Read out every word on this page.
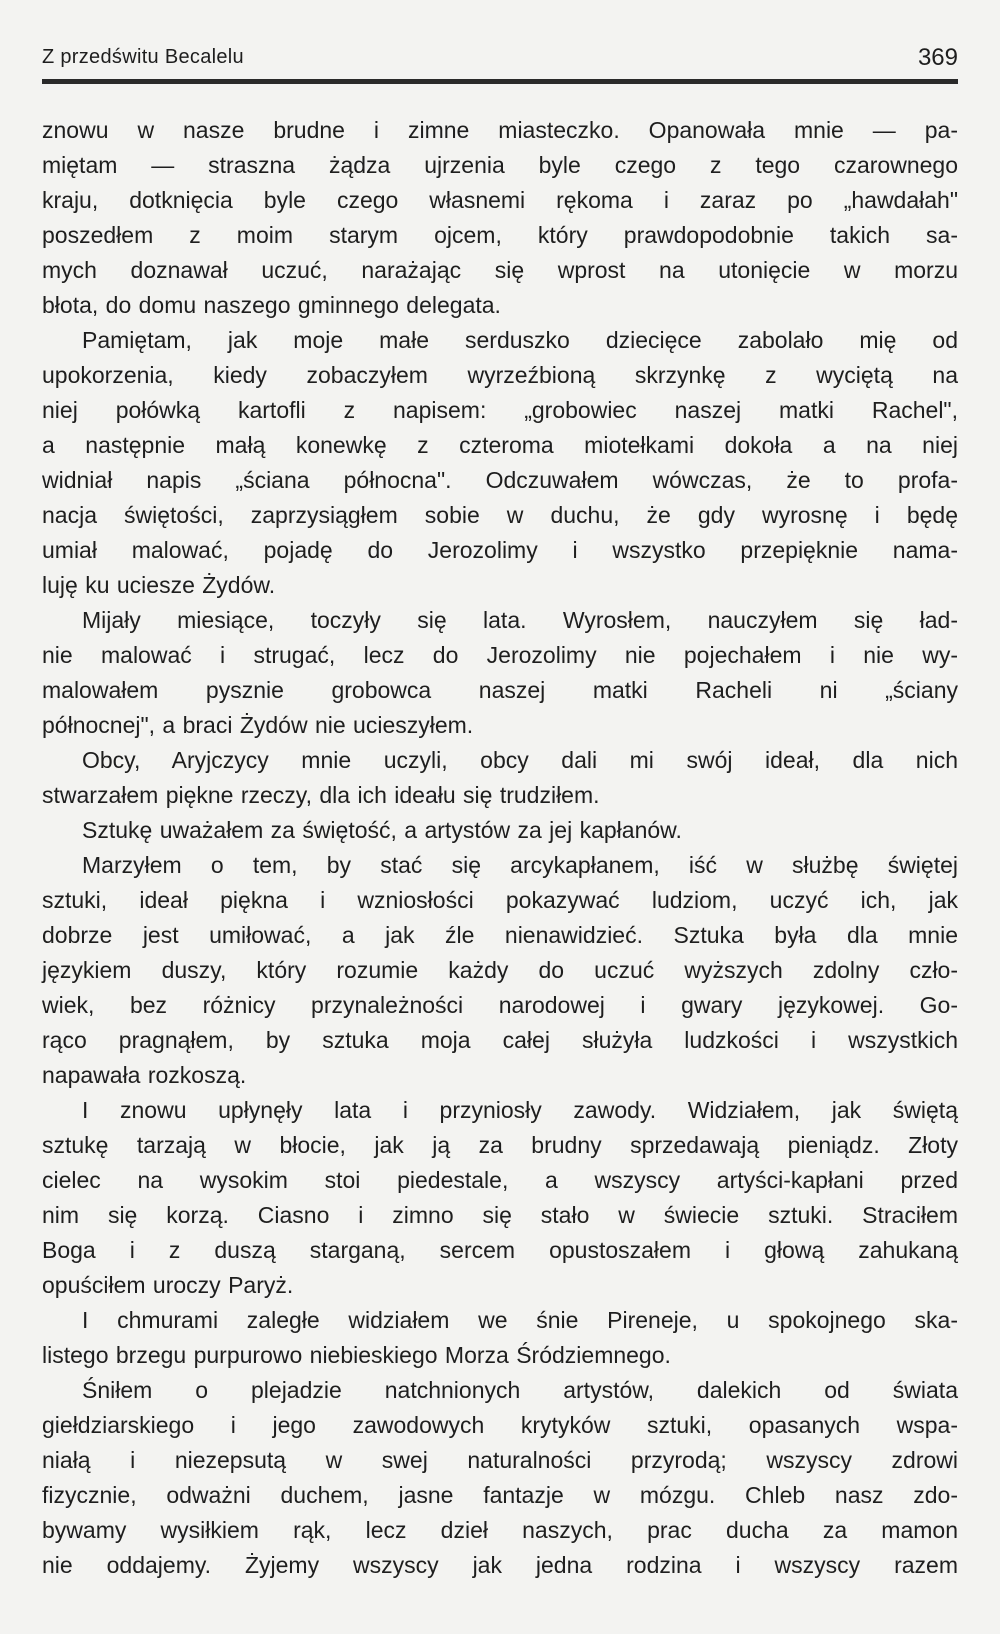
Z przedświtu Becalelu	369
znowu w nasze brudne i zimne miasteczko. Opanowała mnie — pa-
miętam — straszna żądza ujrzenia byle czego z tego czarownego
kraju, dotknięcia byle czego własnemi rękoma i zaraz po „hawdałah"
poszedłem z moim starym ojcem, który prawdopodobnie takich sa-
mych doznawał uczuć, narażając się wprost na utonięcie w morzu
błota, do domu naszego gminnego delegata.
Pamiętam, jak moje małe serduszko dziecięce zabolało mię od
upokorzenia, kiedy zobaczyłem wyrzeźbioną skrzynkę z wyciętą na
niej połówką kartofli z napisem: „grobowiec naszej matki Rachel",
a następnie małą konewkę z czteroma miotełkami dokoła a na niej
widniał napis „ściana północna". Odczuwałem wówczas, że to profa-
nacja świętości, zaprzysiągłem sobie w duchu, że gdy wyrosnę i będę
umiał malować, pojadę do Jerozolimy i wszystko przepięknie nama-
luję ku uciesze Żydów.
Mijały miesiące, toczyły się lata. Wyrosłem, nauczyłem się ład-
nie malować i strugać, lecz do Jerozolimy nie pojechałem i nie wy-
malowałem pysznie grobowca naszej matki Racheli ni „ściany
północnej", a braci Żydów nie ucieszyłem.
Obcy, Aryjczycy mnie uczyli, obcy dali mi swój ideał, dla nich
stwarzałem piękne rzeczy, dla ich ideału się trudziłem.
Sztukę uważałem za świętość, a artystów za jej kapłanów.
Marzyłem o tem, by stać się arcykapłanem, iść w służbę świętej
sztuki, ideał piękna i wzniosłości pokazywać ludziom, uczyć ich, jak
dobrze jest umiłować, a jak źle nienawidzieć. Sztuka była dla mnie
językiem duszy, który rozumie każdy do uczuć wyższych zdolny czło-
wiek, bez różnicy przynależności narodowej i gwary językowej. Go-
rąco pragnąłem, by sztuka moja całej służyła ludzkości i wszystkich
napawała rozkoszą.
I znowu upłynęły lata i przyniosły zawody. Widziałem, jak świętą
sztukę tarzają w błocie, jak ją za brudny sprzedawają pieniądz. Złoty
cielec na wysokim stoi piedestale, a wszyscy artyści-kapłani przed
nim się korzą. Ciasno i zimno się stało w świecie sztuki. Straciłem
Boga i z duszą starganą, sercem opustoszałem i głową zahukaną
opuściłem uroczy Paryż.
I chmurami zaległe widziałem we śnie Pireneje, u spokojnego ska-
listego brzegu purpurowo niebieskiego Morza Śródziemnego.
Śniłem o plejadzie natchnionych artystów, dalekich od świata
giełdziarskiego i jego zawodowych krytyków sztuki, opasanych wspa-
niałą i niezepsutą w swej naturalności przyrodą; wszyscy zdrowi
fizycznie, odważni duchem, jasne fantazje w mózgu. Chleb nasz zdo-
bywamy wysiłkiem rąk, lecz dzieł naszych, prac ducha za mamon
nie oddajemy. Żyjemy wszyscy jak jedna rodzina i wszyscy razem
